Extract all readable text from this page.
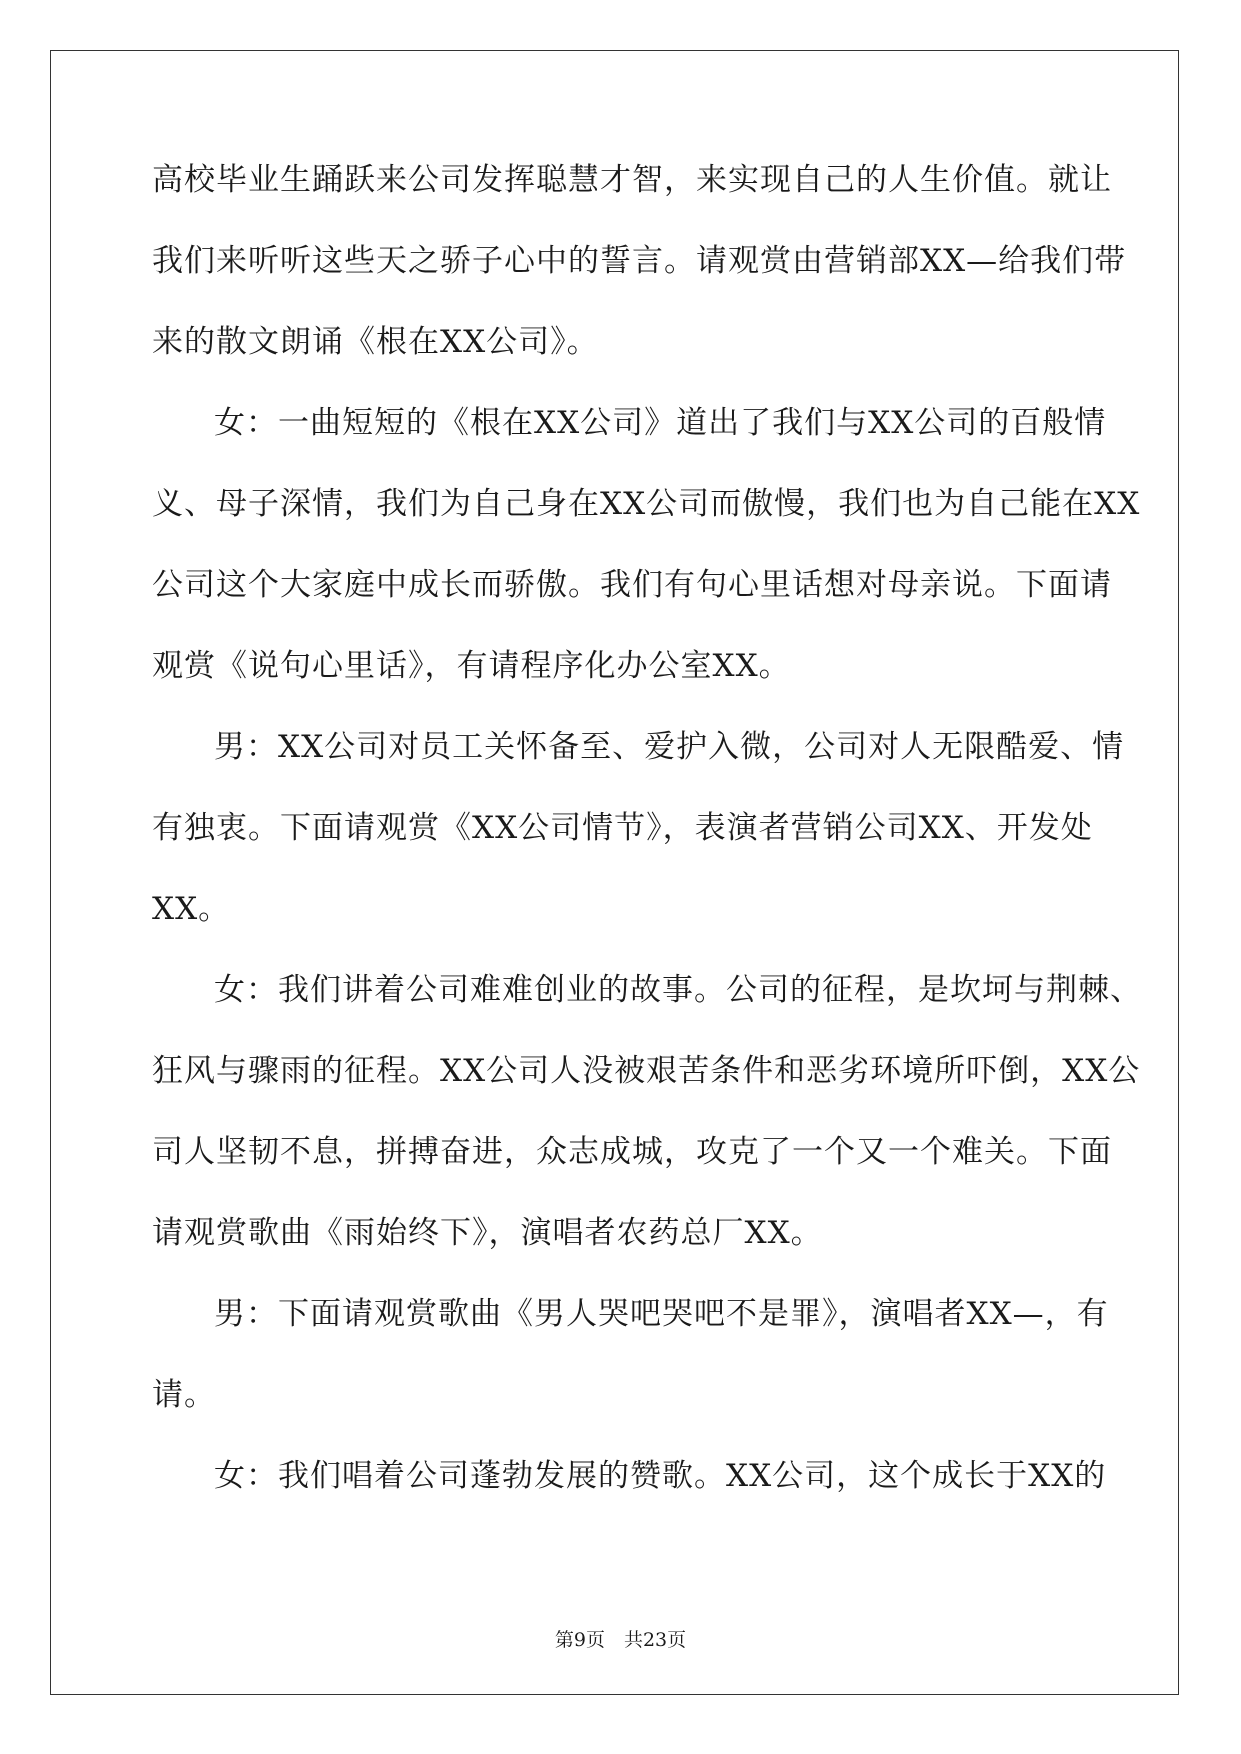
高校毕业生踊跃来公司发挥聪慧才智，来实现自己的人生价值。就让
我们来听听这些天之骄子心中的誓言。请观赏由营销部XX—给我们带
来的散文朗诵《根在XX公司》。
女：一曲短短的《根在XX公司》道出了我们与XX公司的百般情
义、母子深情，我们为自己身在XX公司而傲慢，我们也为自己能在XX
公司这个大家庭中成长而骄傲。我们有句心里话想对母亲说。下面请
观赏《说句心里话》，有请程序化办公室XX。
男：XX公司对员工关怀备至、爱护入微，公司对人无限酷爱、情
有独衷。下面请观赏《XX公司情节》，表演者营销公司XX、开发处
XX。
女：我们讲着公司难难创业的故事。公司的征程，是坎坷与荆棘、
狂风与骤雨的征程。XX公司人没被艰苦条件和恶劣环境所吓倒，XX公
司人坚韧不息，拼搏奋进，众志成城，攻克了一个又一个难关。下面
请观赏歌曲《雨始终下》，演唱者农药总厂XX。
男：下面请观赏歌曲《男人哭吧哭吧不是罪》，演唱者XX—，有
请。
女：我们唱着公司蓬勃发展的赞歌。XX公司，这个成长于XX的
第9页　共23页
